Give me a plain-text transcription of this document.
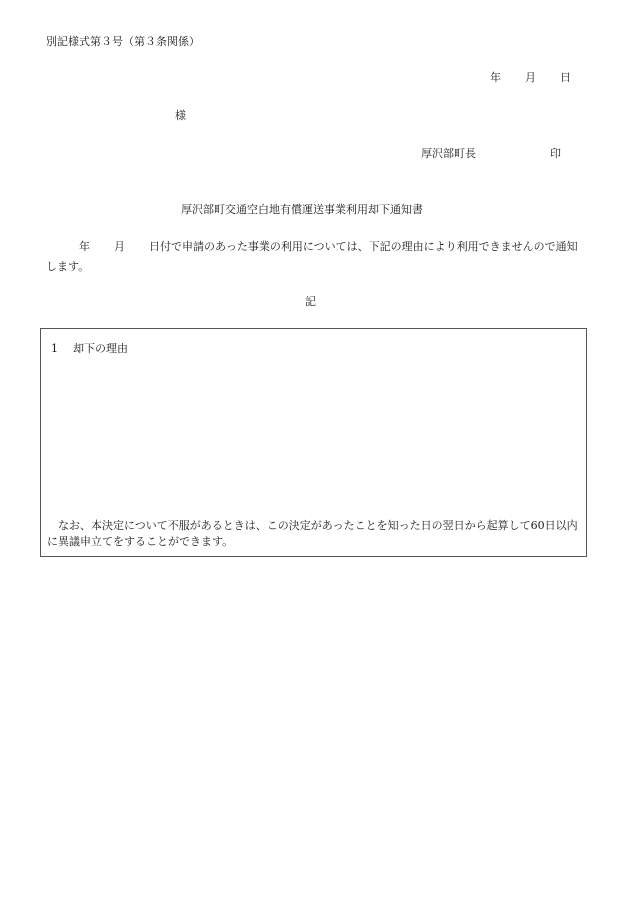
別記様式第３号（第３条関係）
年 月 日
様
厚沢部町長	印
厚沢部町交通空白地有償運送事業利用却下通知書
年 月 日付で申請のあった事業の利用については、下記の理由により利用できませんので通知します。
記
1 却下の理由
なお、本決定について不服があるときは、この決定があったことを知った日の翌日から起算して60日以内に異議申立てをすることができます。
